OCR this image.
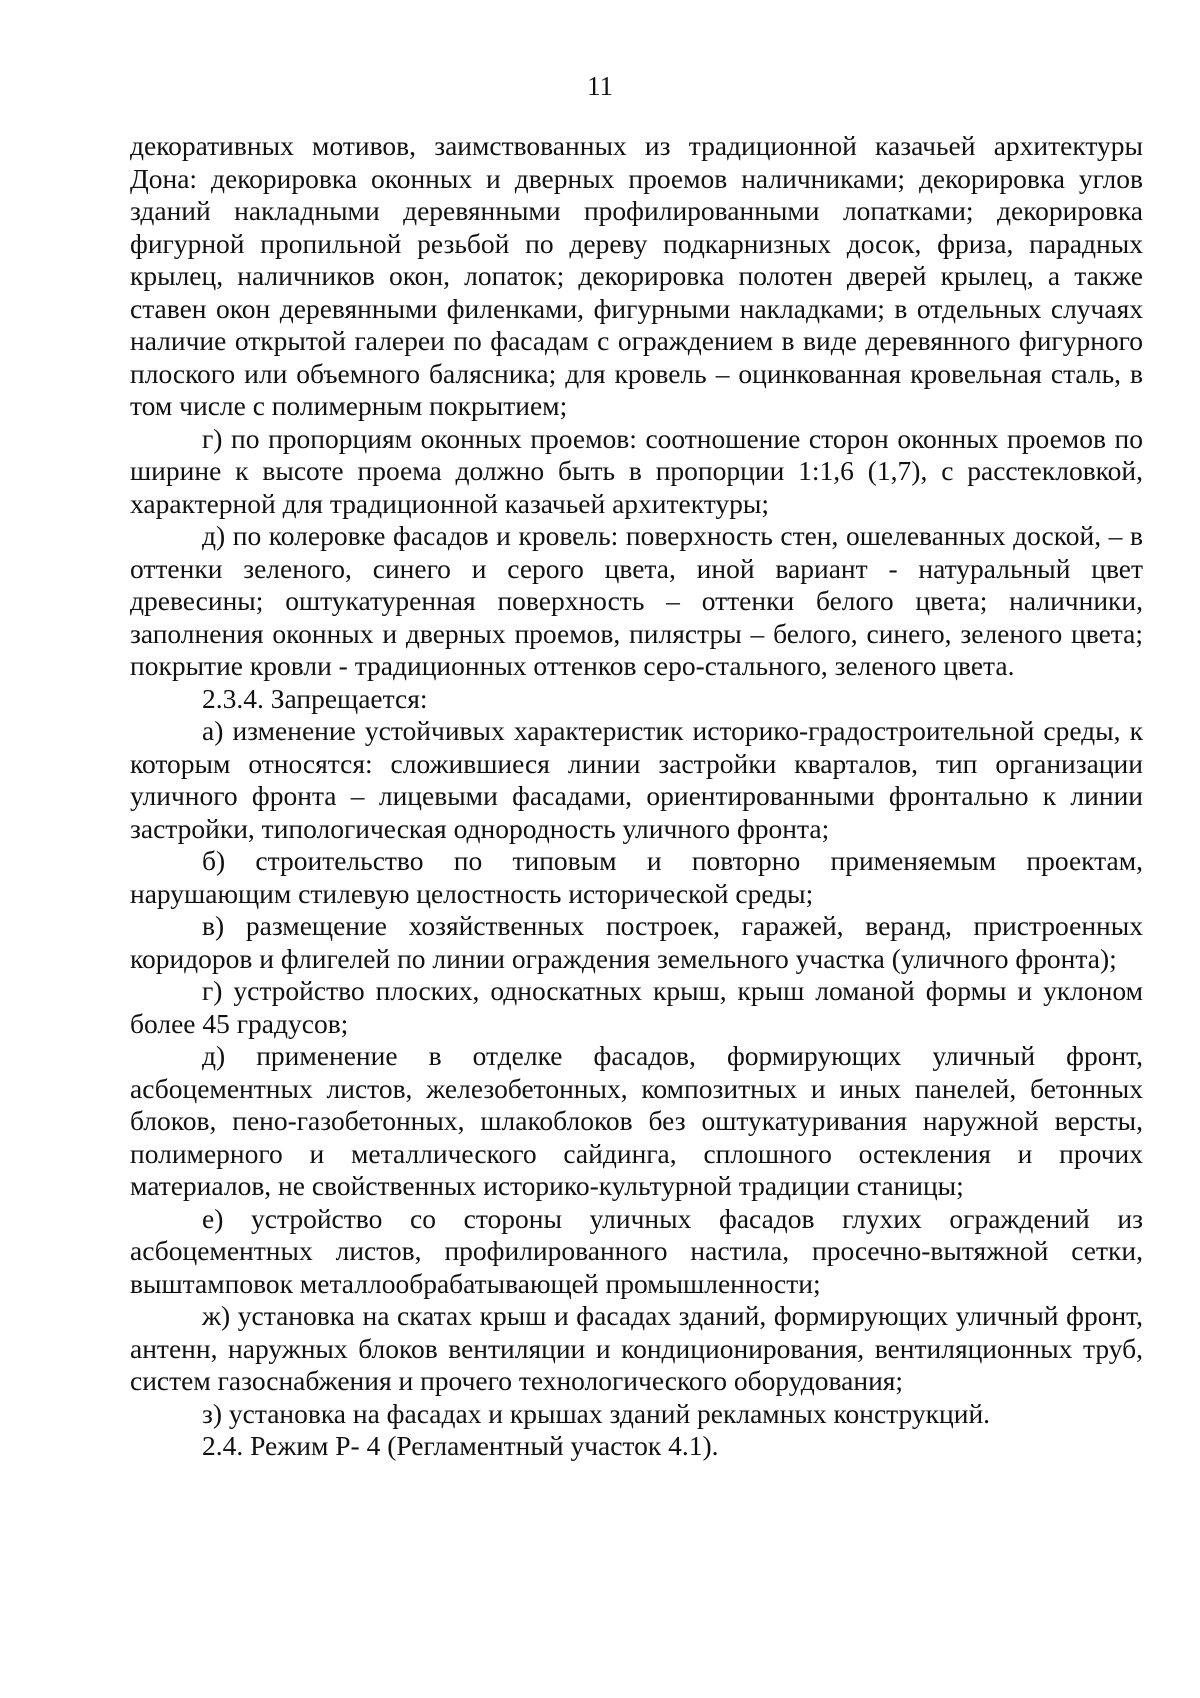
11

декоративных мотивов, заимствованных из традиционной казачьей архитектуры Дона: декорировка оконных и дверных проемов наличниками; декорировка углов зданий накладными деревянными профилированными лопатками; декорировка фигурной пропильной резьбой по дереву подкарнизных досок, фриза, парадных крылец, наличников окон, лопаток; декорировка полотен дверей крылец, а также ставен окон деревянными филенками, фигурными накладками; в отдельных случаях наличие открытой галереи по фасадам с ограждением в виде деревянного фигурного плоского или объемного балясника; для кровель – оцинкованная кровельная сталь, в том числе с полимерным покрытием;

г) по пропорциям оконных проемов: соотношение сторон оконных проемов по ширине к высоте проема должно быть в пропорции 1:1,6 (1,7), с расстекловкой, характерной для традиционной казачьей архитектуры;

д) по колеровке фасадов и кровель: поверхность стен, ошелеванных доской, – в оттенки зеленого, синего и серого цвета, иной вариант - натуральный цвет древесины; оштукатуренная поверхность – оттенки белого цвета; наличники, заполнения оконных и дверных проемов, пилястры – белого, синего, зеленого цвета; покрытие кровли - традиционных оттенков серо-стального, зеленого цвета.

2.3.4. Запрещается:

а) изменение устойчивых характеристик историко-градостроительной среды, к которым относятся: сложившиеся линии застройки кварталов, тип организации уличного фронта – лицевыми фасадами, ориентированными фронтально к линии застройки, типологическая однородность уличного фронта;

б) строительство по типовым и повторно применяемым проектам, нарушающим стилевую целостность исторической среды;

в) размещение хозяйственных построек, гаражей, веранд, пристроенных коридоров и флигелей по линии ограждения земельного участка (уличного фронта);

г) устройство плоских, односкатных крыш, крыш ломаной формы и уклоном более 45 градусов;

д) применение в отделке фасадов, формирующих уличный фронт, асбоцементных листов, железобетонных, композитных и иных панелей, бетонных блоков, пено-газобетонных, шлакоблоков без оштукатуривания наружной версты, полимерного и металлического сайдинга, сплошного остекления и прочих материалов, не свойственных историко-культурной традиции станицы;

е) устройство со стороны уличных фасадов глухих ограждений из асбоцементных листов, профилированного настила, просечно-вытяжной сетки, выштамповок металлообрабатывающей промышленности;

ж) установка на скатах крыш и фасадах зданий, формирующих уличный фронт, антенн, наружных блоков вентиляции и кондиционирования, вентиляционных труб, систем газоснабжения и прочего технологического оборудования;

з) установка на фасадах и крышах зданий рекламных конструкций.

2.4. Режим Р- 4 (Регламентный участок 4.1).
